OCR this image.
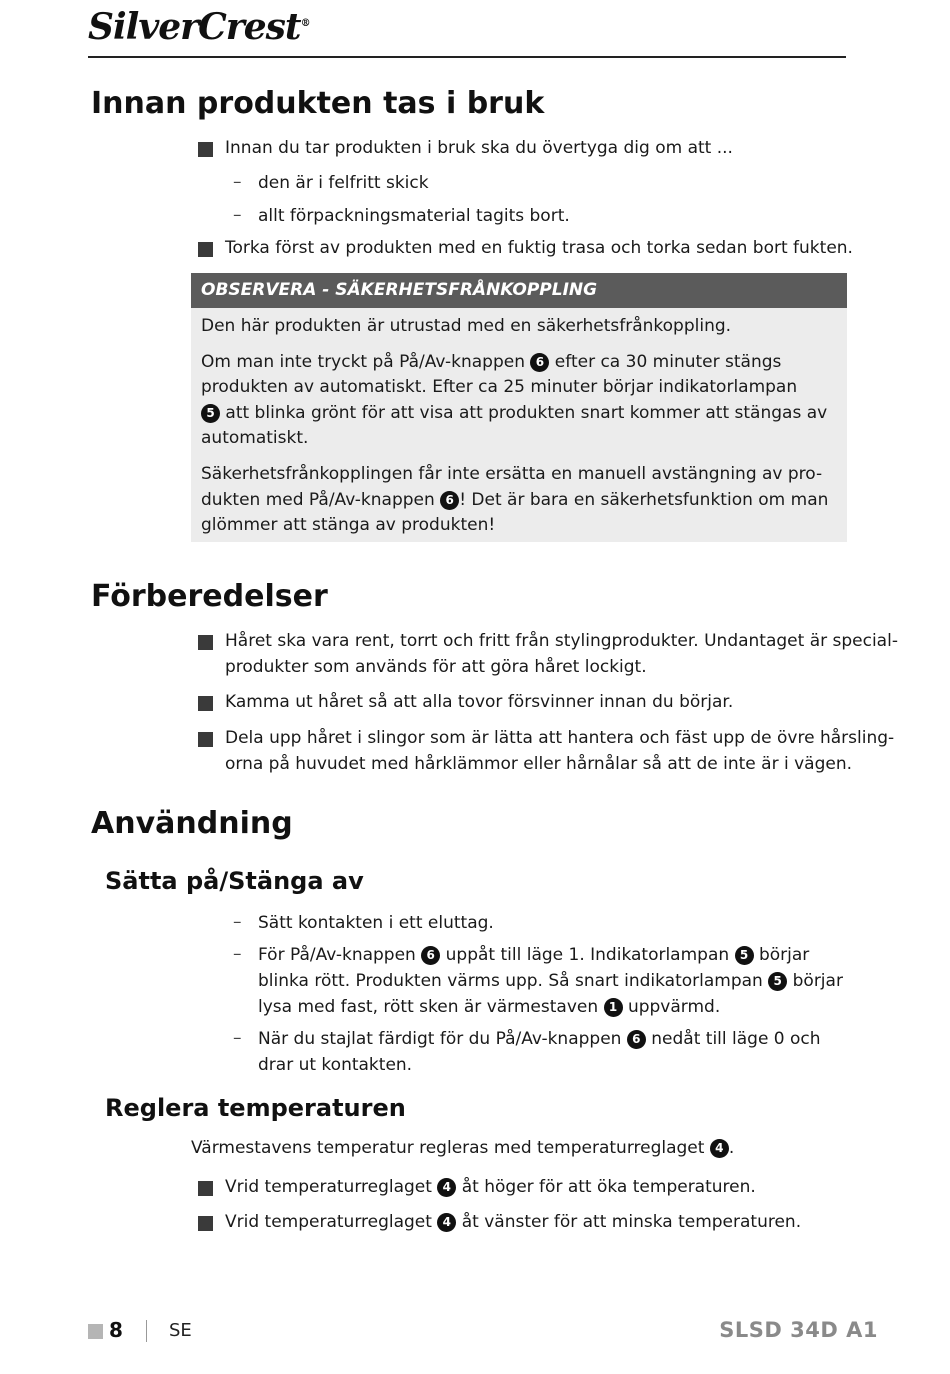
SilverCrest®
Innan produkten tas i bruk
Innan du tar produkten i bruk ska du övertyga dig om att ...
– den är i felfritt skick
– allt förpackningsmaterial tagits bort.
Torka först av produkten med en fuktig trasa och torka sedan bort fukten.
OBSERVERA - SÄKERHETSFRÅNKOPPLING
Den här produkten är utrustad med en säkerhetsfrånkoppling.
Om man inte tryckt på På/Av-knappen 6 efter ca 30 minuter stängs
produkten av automatiskt. Efter ca 25 minuter börjar indikatorlampan
5 att blinka grönt för att visa att produkten snart kommer att stängas av
automatiskt.
Säkerhetsfrånkopplingen får inte ersätta en manuell avstängning av pro-
dukten med På/Av-knappen 6 ! Det är bara en säkerhetsfunktion om man
glömmer att stänga av produkten!
Förberedelser
Håret ska vara rent, torrt och fritt från stylingprodukter. Undantaget är special-
produkter som används för att göra håret lockigt.
Kamma ut håret så att alla tovor försvinner innan du börjar.
Dela upp håret i slingor som är lätta att hantera och fäst upp de övre hårsling-
orna på huvudet med hårklämmor eller hårnålar så att de inte är i vägen.
Användning
Sätta på/Stänga av
– Sätt kontakten i ett eluttag.
– För På/Av-knappen 6 uppåt till läge 1. Indikatorlampan 5 börjar
blinka rött. Produkten värms upp. Så snart indikatorlampan 5 börjar
lysa med fast, rött sken är värmestaven 1 uppvärmd.
– När du stajlat färdigt för du På/Av-knappen 6 nedåt till läge 0 och
drar ut kontakten.
Reglera temperaturen
Värmestavens temperatur regleras med temperaturreglaget 4 .
Vrid temperaturreglaget 4 åt höger för att öka temperaturen.
Vrid temperaturreglaget 4 åt vänster för att minska temperaturen.
8	SE	SLSD 34D A1
